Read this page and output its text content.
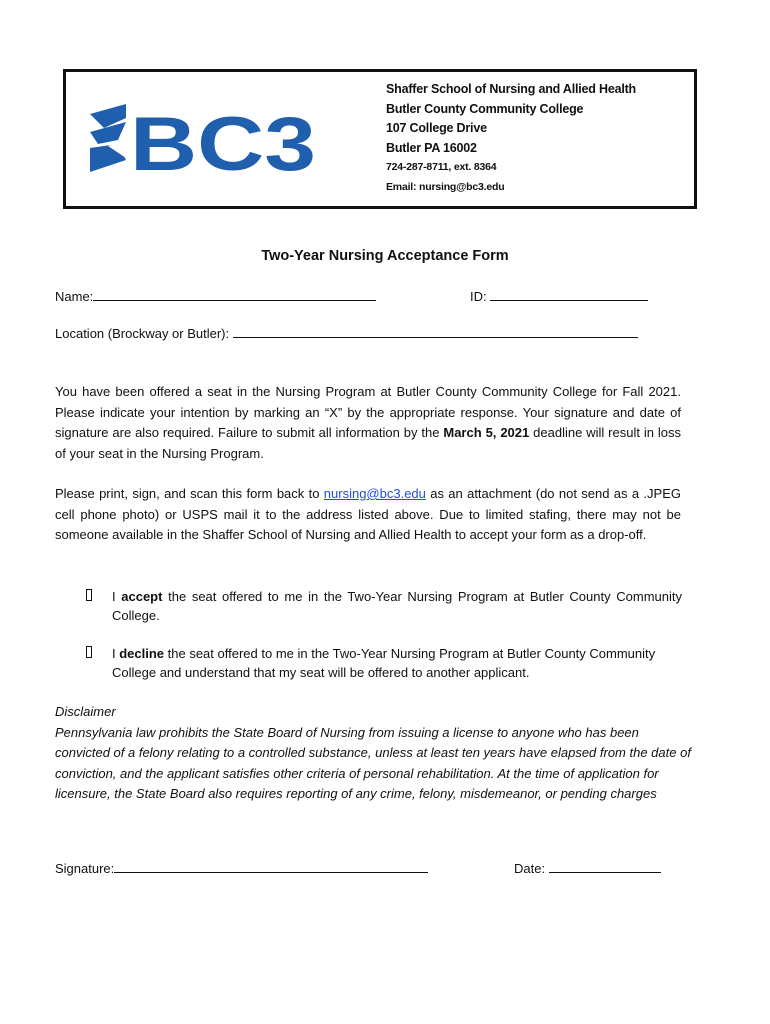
BC3
Shaffer School of Nursing and Allied Health
Butler County Community College
107 College Drive
Butler PA 16002
724-287-8711, ext. 8364
Email: nursing@bc3.edu
Two-Year Nursing Acceptance Form
Name:	ID:
Location (Brockway or Butler):

You have been offered a seat in the Nursing Program at Butler County Community College for Fall 2021. Please indicate your intention by marking an “X” by the appropriate response. Your signature and date of signature are also required. Failure to submit all information by the March 5, 2021 deadline will result in loss of your seat in the Nursing Program.

Please print, sign, and scan this form back to nursing@bc3.edu as an attachment (do not send as a .JPEG cell phone photo) or USPS mail it to the address listed above. Due to limited stafing, there may not be someone available in the Shaffer School of Nursing and Allied Health to accept your form as a drop-off.

I accept the seat offered to me in the Two-Year Nursing Program at Butler County Community College.
I decline the seat offered to me in the Two-Year Nursing Program at Butler County Community College and understand that my seat will be offered to another applicant.
Disclaimer
Pennsylvania law prohibits the State Board of Nursing from issuing a license to anyone who has been convicted of a felony relating to a controlled substance, unless at least ten years have elapsed from the date of conviction, and the applicant satisfies other criteria of personal rehabilitation. At the time of application for licensure, the State Board also requires reporting of any crime, felony, misdemeanor, or pending charges
Signature:	Date:
